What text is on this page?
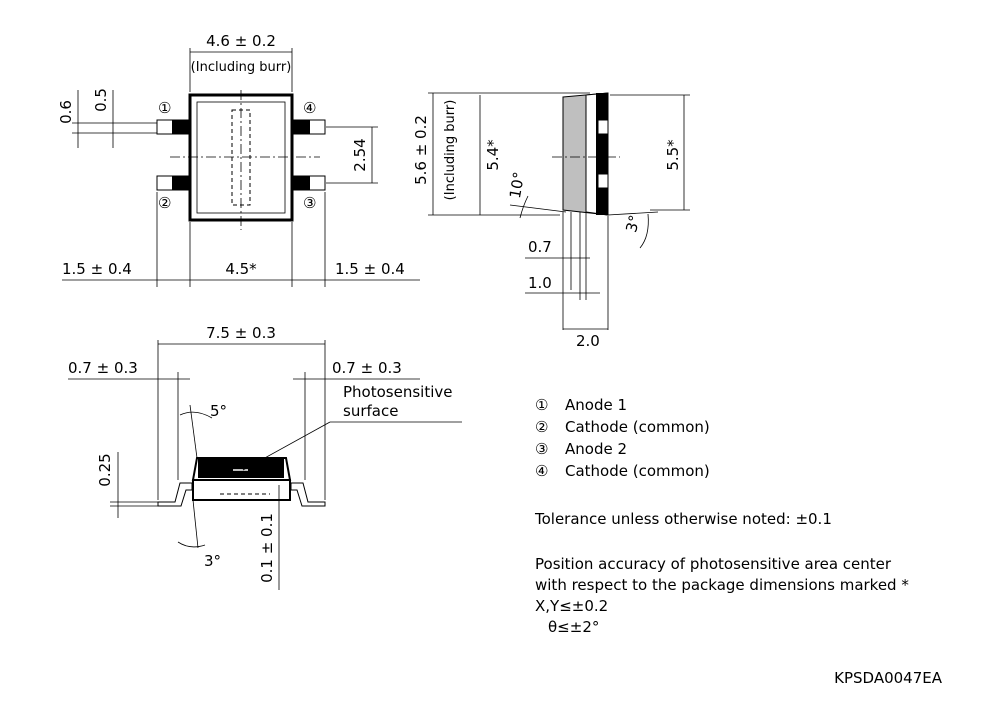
①
②	③
④
4.6 ± 0.2
(Including burr)
0.6
0.5
2.54
1.5 ± 0.4	4.5*	1.5 ± 0.4
5.6 ± 0.2 (Including burr) 5.4*	5.5*
10°
3°
0.7
1.0
2.0
7.5 ± 0.3
0.7 ± 0.3	0.7 ± 0.3
Photosensitive
surface
5°
3°
0.25
0.1 ± 0.1
① Anode 1
② Cathode (common)
③ Anode 2
④ Cathode (common)
Tolerance unless otherwise noted: ±0.1
Position accuracy of photosensitive area center
with respect to the package dimensions marked *
X,Y≤±0.2
θ≤±2°
KPSDA0047EA
